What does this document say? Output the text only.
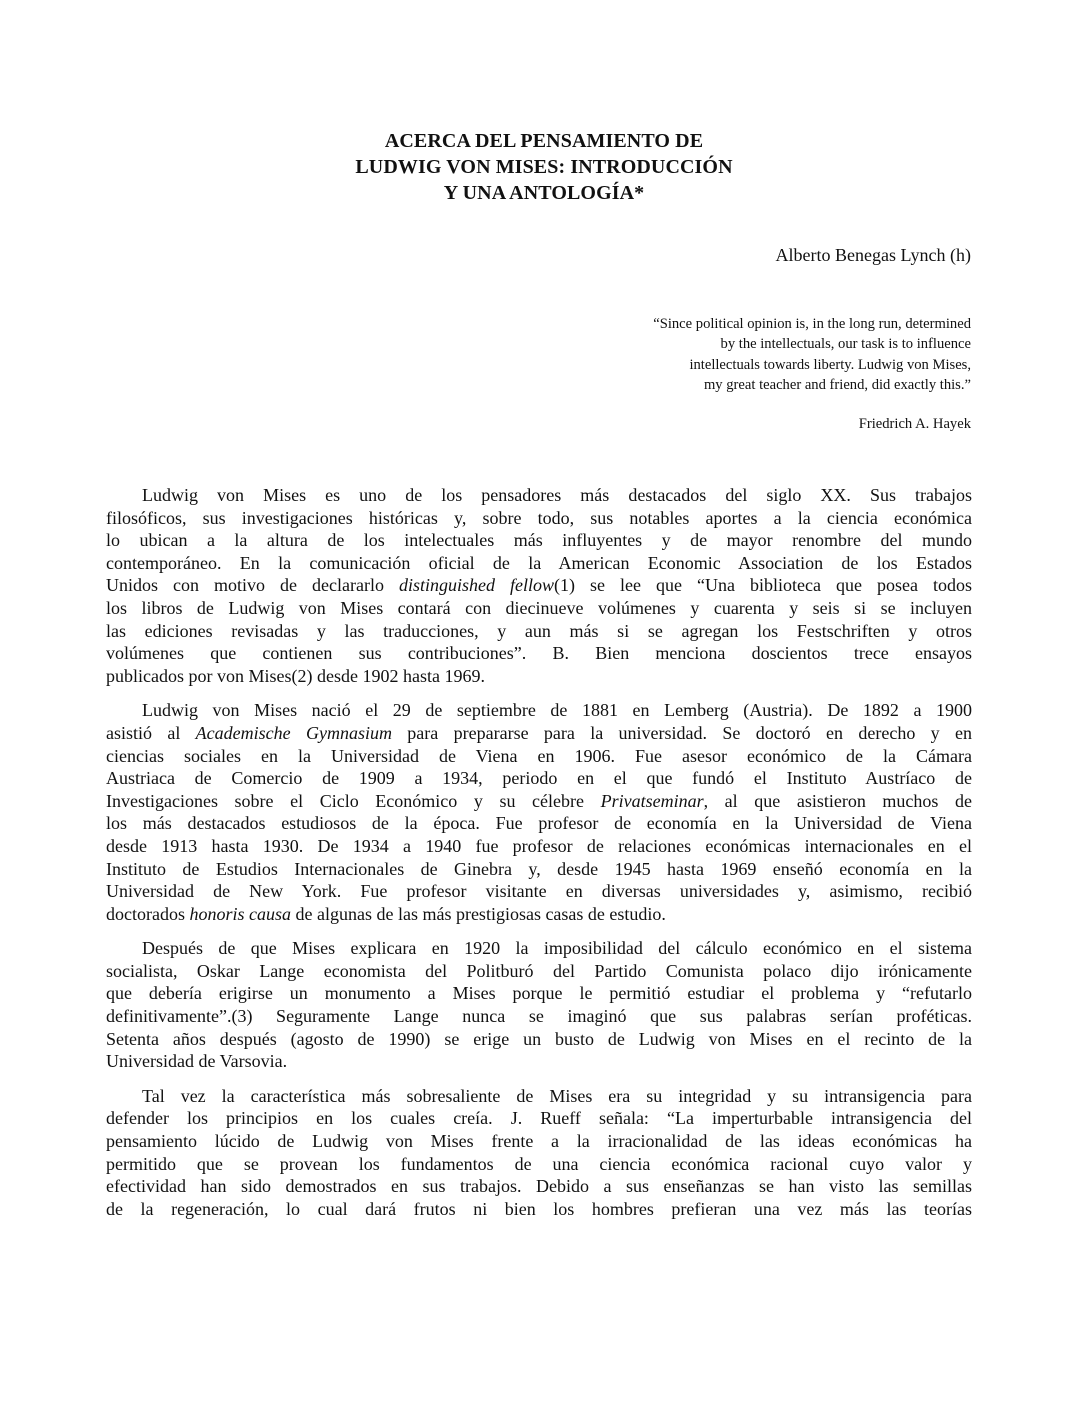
ACERCA DEL PENSAMIENTO DE
LUDWIG VON MISES: INTRODUCCIÓN
Y UNA ANTOLOGÍA*
Alberto Benegas Lynch (h)
“Since political opinion is, in the long run, determined
by the intellectuals, our task is to influence
intellectuals towards liberty. Ludwig von Mises,
my great teacher and friend, did exactly this.”
Friedrich A. Hayek
Ludwig von Mises es uno de los pensadores más destacados del siglo XX. Sus trabajos
filosóficos, sus investigaciones históricas y, sobre todo, sus notables aportes a la ciencia económica
lo ubican a la altura de los intelectuales más influyentes y de mayor renombre del mundo
contemporáneo. En la comunicación oficial de la American Economic Association de los Estados
Unidos con motivo de declararlo distinguished fellow(1) se lee que “Una biblioteca que posea todos
los libros de Ludwig von Mises contará con diecinueve volúmenes y cuarenta y seis si se incluyen
las ediciones revisadas y las traducciones, y aun más si se agregan los Festschriften y otros
volúmenes que contienen sus contribuciones”. B. Bien menciona doscientos trece ensayos
publicados por von Mises(2) desde 1902 hasta 1969.
Ludwig von Mises nació el 29 de septiembre de 1881 en Lemberg (Austria). De 1892 a 1900
asistió al Academische Gymnasium para prepararse para la universidad. Se doctoró en derecho y en
ciencias sociales en la Universidad de Viena en 1906. Fue asesor económico de la Cámara
Austriaca de Comercio de 1909 a 1934, periodo en el que fundó el Instituto Austríaco de
Investigaciones sobre el Ciclo Económico y su célebre Privatseminar, al que asistieron muchos de
los más destacados estudiosos de la época. Fue profesor de economía en la Universidad de Viena
desde 1913 hasta 1930. De 1934 a 1940 fue profesor de relaciones económicas internacionales en el
Instituto de Estudios Internacionales de Ginebra y, desde 1945 hasta 1969 enseñó economía en la
Universidad de New York. Fue profesor visitante en diversas universidades y, asimismo, recibió
doctorados honoris causa de algunas de las más prestigiosas casas de estudio.
Después de que Mises explicara en 1920 la imposibilidad del cálculo económico en el sistema
socialista, Oskar Lange economista del Politburó del Partido Comunista polaco dijo irónicamente
que debería erigirse un monumento a Mises porque le permitió estudiar el problema y “refutarlo
definitivamente”.(3) Seguramente Lange nunca se imaginó que sus palabras serían proféticas.
Setenta años después (agosto de 1990) se erige un busto de Ludwig von Mises en el recinto de la
Universidad de Varsovia.
Tal vez la característica más sobresaliente de Mises era su integridad y su intransigencia para
defender los principios en los cuales creía. J. Rueff señala: “La imperturbable intransigencia del
pensamiento lúcido de Ludwig von Mises frente a la irracionalidad de las ideas económicas ha
permitido que se provean los fundamentos de una ciencia económica racional cuyo valor y
efectividad han sido demostrados en sus trabajos. Debido a sus enseñanzas se han visto las semillas
de la regeneración, lo cual dará frutos ni bien los hombres prefieran una vez más las teorías
